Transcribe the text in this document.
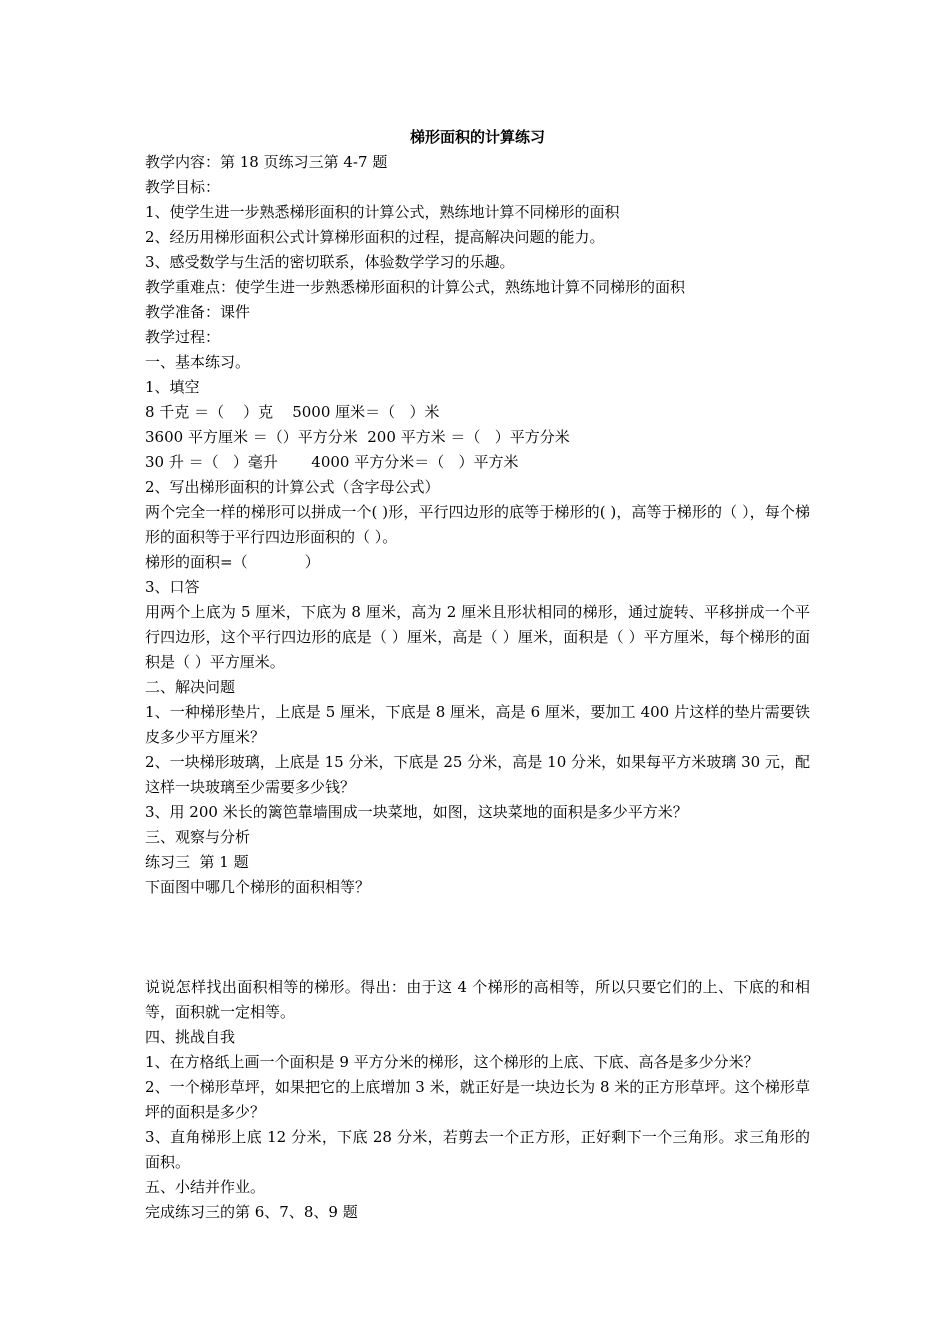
梯形面积的计算练习

教学内容：第 18 页练习三第 4-7 题

教学目标：

1、使学生进一步熟悉梯形面积的计算公式，熟练地计算不同梯形的面积

2、经历用梯形面积公式计算梯形面积的过程，提高解决问题的能力。

3、感受数学与生活的密切联系，体验数学学习的乐趣。

教学重难点：使学生进一步熟悉梯形面积的计算公式，熟练地计算不同梯形的面积

教学准备：课件

教学过程：

一、基本练习。

1、填空

8 千克 ＝（    ）克    5000 厘米＝（   ）米

3600 平方厘米 ＝（）平方分米  200 平方米 ＝（   ）平方分米

30 升 ＝（   ）毫升       4000 平方分米＝（   ）平方米

2、写出梯形面积的计算公式（含字母公式）

两个完全一样的梯形可以拼成一个( )形，平行四边形的底等于梯形的( )，高等于梯形的（ ），每个梯形的面积等于平行四边形面积的（ ）。

梯形的面积=（            ）

3、口答

用两个上底为 5 厘米，下底为 8 厘米，高为 2 厘米且形状相同的梯形，通过旋转、平移拼成一个平行四边形，这个平行四边形的底是（ ）厘米，高是（ ）厘米，面积是（ ）平方厘米，每个梯形的面积是（ ）平方厘米。

二、解决问题

1、一种梯形垫片，上底是 5 厘米，下底是 8 厘米，高是 6 厘米，要加工 400 片这样的垫片需要铁皮多少平方厘米？

2、一块梯形玻璃，上底是 15 分米，下底是 25 分米，高是 10 分米，如果每平方米玻璃 30 元，配这样一块玻璃至少需要多少钱？

3、用 200 米长的篱笆靠墙围成一块菜地，如图，这块菜地的面积是多少平方米？

三、观察与分析

练习三  第 1 题

下面图中哪几个梯形的面积相等？

说说怎样找出面积相等的梯形。得出：由于这 4 个梯形的高相等，所以只要它们的上、下底的和相等，面积就一定相等。

四、挑战自我

1、在方格纸上画一个面积是 9 平方分米的梯形，这个梯形的上底、下底、高各是多少分米？

2、一个梯形草坪，如果把它的上底增加 3 米，就正好是一块边长为 8 米的正方形草坪。这个梯形草坪的面积是多少？

3、直角梯形上底 12 分米，下底 28 分米，若剪去一个正方形，正好剩下一个三角形。求三角形的面积。

五、小结并作业。

完成练习三的第 6、7、8、9 题
